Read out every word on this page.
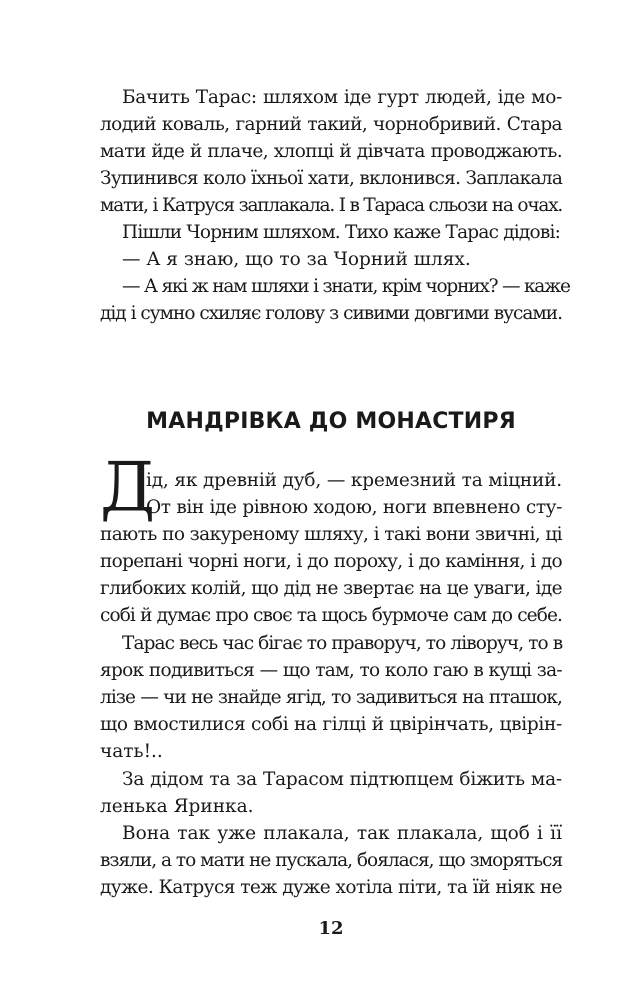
Бачить Тарас: шляхом іде гурт людей, іде мо-
лодий коваль, гарний такий, чорнобривий. Стара
мати йде й плаче, хлопці й дівчата проводжають.
Зупинився коло їхньої хати, вклонився. Заплакала
мати, і Катруся заплакала. І в Тараса сльози на очах.
Пішли Чорним шляхом. Тихо каже Тарас дідові:
— А я знаю, що то за Чорний шлях.
— А які ж нам шляхи і знати, крім чорних? — каже
дід і сумно схиляє голову з сивими довгими вусами.
МАНДРІВКА ДО МОНАСТИРЯ
Д
ід, як древній дуб, — кремезний та міцний.
От він іде рівною ходою, ноги впевнено сту-
пають по закуреному шляху, і такі вони звичні, ці
порепані чорні ноги, і до пороху, і до каміння, і до
глибоких колій, що дід не звертає на це уваги, іде
собі й думає про своє та щось бурмоче сам до себе.
Тарас весь час бігає то праворуч, то ліворуч, то в
ярок подивиться — що там, то коло гаю в кущі за-
лізе — чи не знайде ягід, то задивиться на пташок,
що вмостилися собі на гілці й цвірінчать, цвірін-
чать!..
За дідом та за Тарасом підтюпцем біжить ма-
ленька Яринка.
Вона так уже плакала, так плакала, щоб і її
взяли, а то мати не пускала, боялася, що зморяться
дуже. Катруся теж дуже хотіла піти, та їй ніяк не

12
